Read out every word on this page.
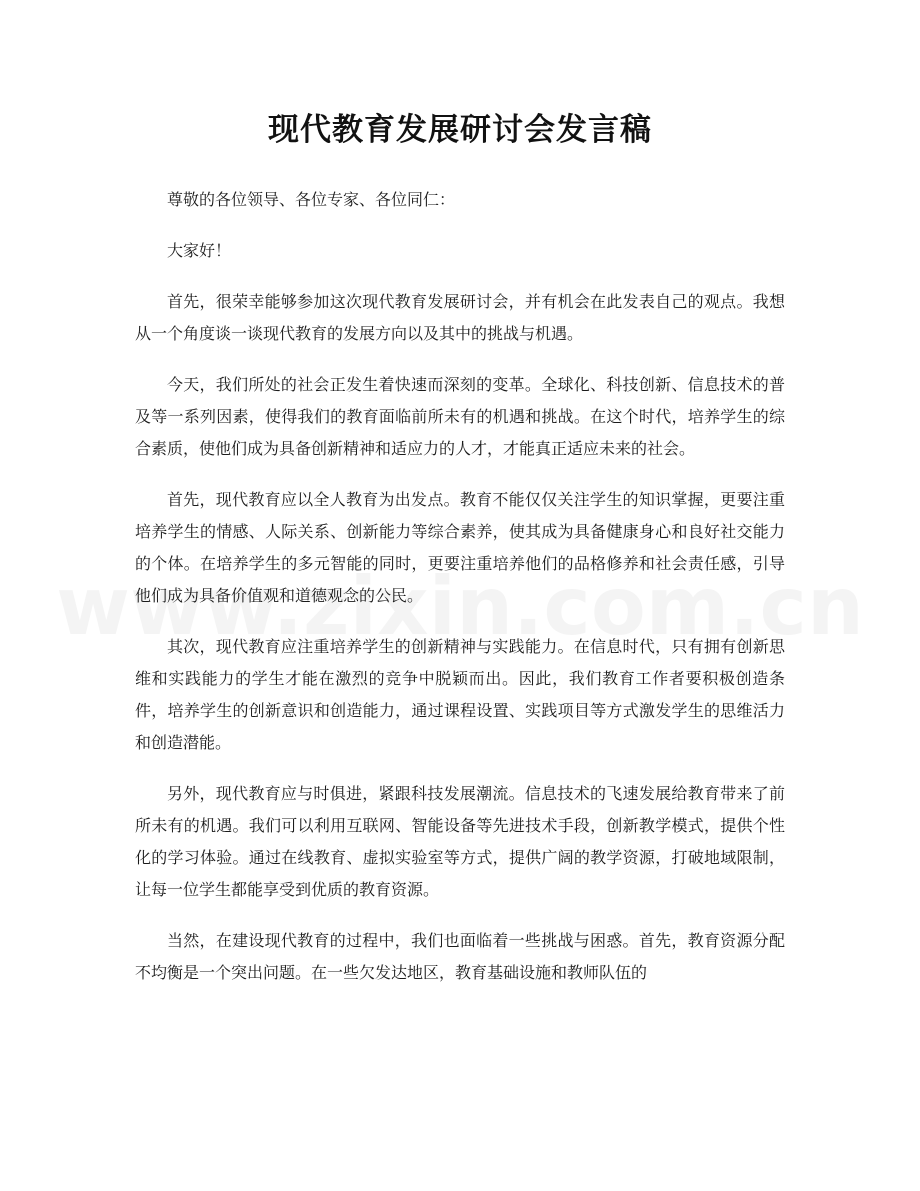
现代教育发展研讨会发言稿

尊敬的各位领导、各位专家、各位同仁：

大家好！

首先，很荣幸能够参加这次现代教育发展研讨会，并有机会在此发表自己的观点。我想从一个角度谈一谈现代教育的发展方向以及其中的挑战与机遇。

今天，我们所处的社会正发生着快速而深刻的变革。全球化、科技创新、信息技术的普及等一系列因素，使得我们的教育面临前所未有的机遇和挑战。在这个时代，培养学生的综合素质，使他们成为具备创新精神和适应力的人才，才能真正适应未来的社会。

首先，现代教育应以全人教育为出发点。教育不能仅仅关注学生的知识掌握，更要注重培养学生的情感、人际关系、创新能力等综合素养，使其成为具备健康身心和良好社交能力的个体。在培养学生的多元智能的同时，更要注重培养他们的品格修养和社会责任感，引导他们成为具备价值观和道德观念的公民。

其次，现代教育应注重培养学生的创新精神与实践能力。在信息时代，只有拥有创新思维和实践能力的学生才能在激烈的竞争中脱颖而出。因此，我们教育工作者要积极创造条件，培养学生的创新意识和创造能力，通过课程设置、实践项目等方式激发学生的思维活力和创造潜能。

另外，现代教育应与时俱进，紧跟科技发展潮流。信息技术的飞速发展给教育带来了前所未有的机遇。我们可以利用互联网、智能设备等先进技术手段，创新教学模式，提供个性化的学习体验。通过在线教育、虚拟实验室等方式，提供广阔的教学资源，打破地域限制，让每一位学生都能享受到优质的教育资源。

当然，在建设现代教育的过程中，我们也面临着一些挑战与困惑。首先，教育资源分配不均衡是一个突出问题。在一些欠发达地区，教育基础设施和教师队伍的
